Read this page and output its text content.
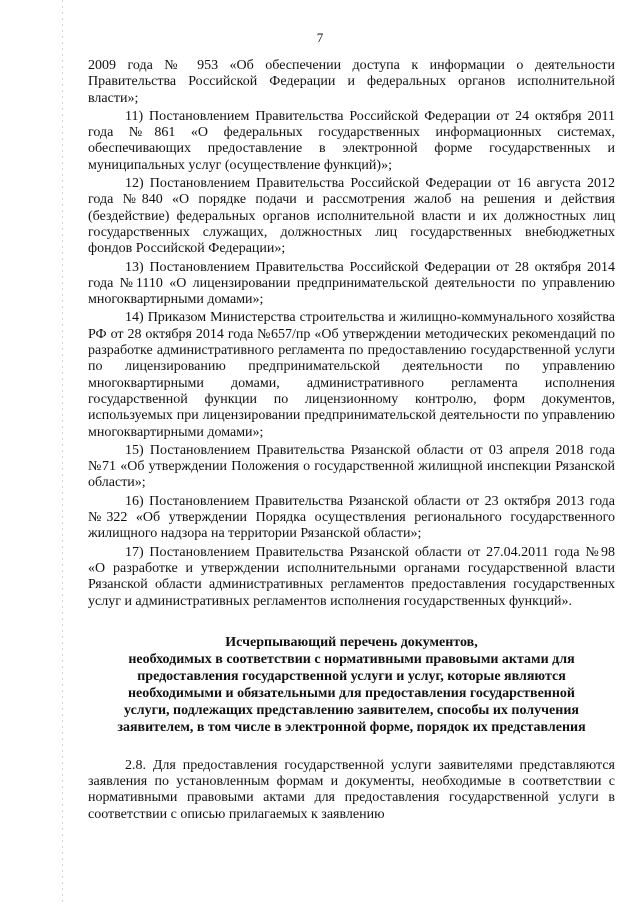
7

2009 года № 953 «Об обеспечении доступа к информации о деятельности Правительства Российской Федерации и федеральных органов исполнительной власти»;

11) Постановлением Правительства Российской Федерации от 24 октября 2011 года №861 «О федеральных государственных информационных системах, обеспечивающих предоставление в электронной форме государственных и муниципальных услуг (осуществление функций)»;

12) Постановлением Правительства Российской Федерации от 16 августа 2012 года №840 «О порядке подачи и рассмотрения жалоб на решения и действия (бездействие) федеральных органов исполнительной власти и их должностных лиц государственных служащих, должностных лиц государственных внебюджетных фондов Российской Федерации»;

13) Постановлением Правительства Российской Федерации от 28 октября 2014 года №1110 «О лицензировании предпринимательской деятельности по управлению многоквартирными домами»;

14) Приказом Министерства строительства и жилищно-коммунального хозяйства РФ от 28 октября 2014 года №657/пр «Об утверждении методических рекомендаций по разработке административного регламента по предоставлению государственной услуги по лицензированию предпринимательской деятельности по управлению многоквартирными домами, административного регламента исполнения государственной функции по лицензионному контролю, форм документов, используемых при лицензировании предпринимательской деятельности по управлению многоквартирными домами»;

15) Постановлением Правительства Рязанской области от 03 апреля 2018 года №71 «Об утверждении Положения о государственной жилищной инспекции Рязанской области»;

16) Постановлением Правительства Рязанской области от 23 октября 2013 года №322 «Об утверждении Порядка осуществления регионального государственного жилищного надзора на территории Рязанской области»;

17) Постановлением Правительства Рязанской области от 27.04.2011 года №98 «О разработке и утверждении исполнительными органами государственной власти Рязанской области административных регламентов предоставления государственных услуг и административных регламентов исполнения государственных функций».

Исчерпывающий перечень документов,
необходимых в соответствии с нормативными правовыми актами для
предоставления государственной услуги и услуг, которые являются
необходимыми и обязательными для предоставления государственной
услуги, подлежащих представлению заявителем, способы их получения
заявителем, в том числе в электронной форме, порядок их представления

2.8. Для предоставления государственной услуги заявителями представляются заявления по установленным формам и документы, необходимые в соответствии с нормативными правовыми актами для предоставления государственной услуги в соответствии с описью прилагаемых к заявлению
